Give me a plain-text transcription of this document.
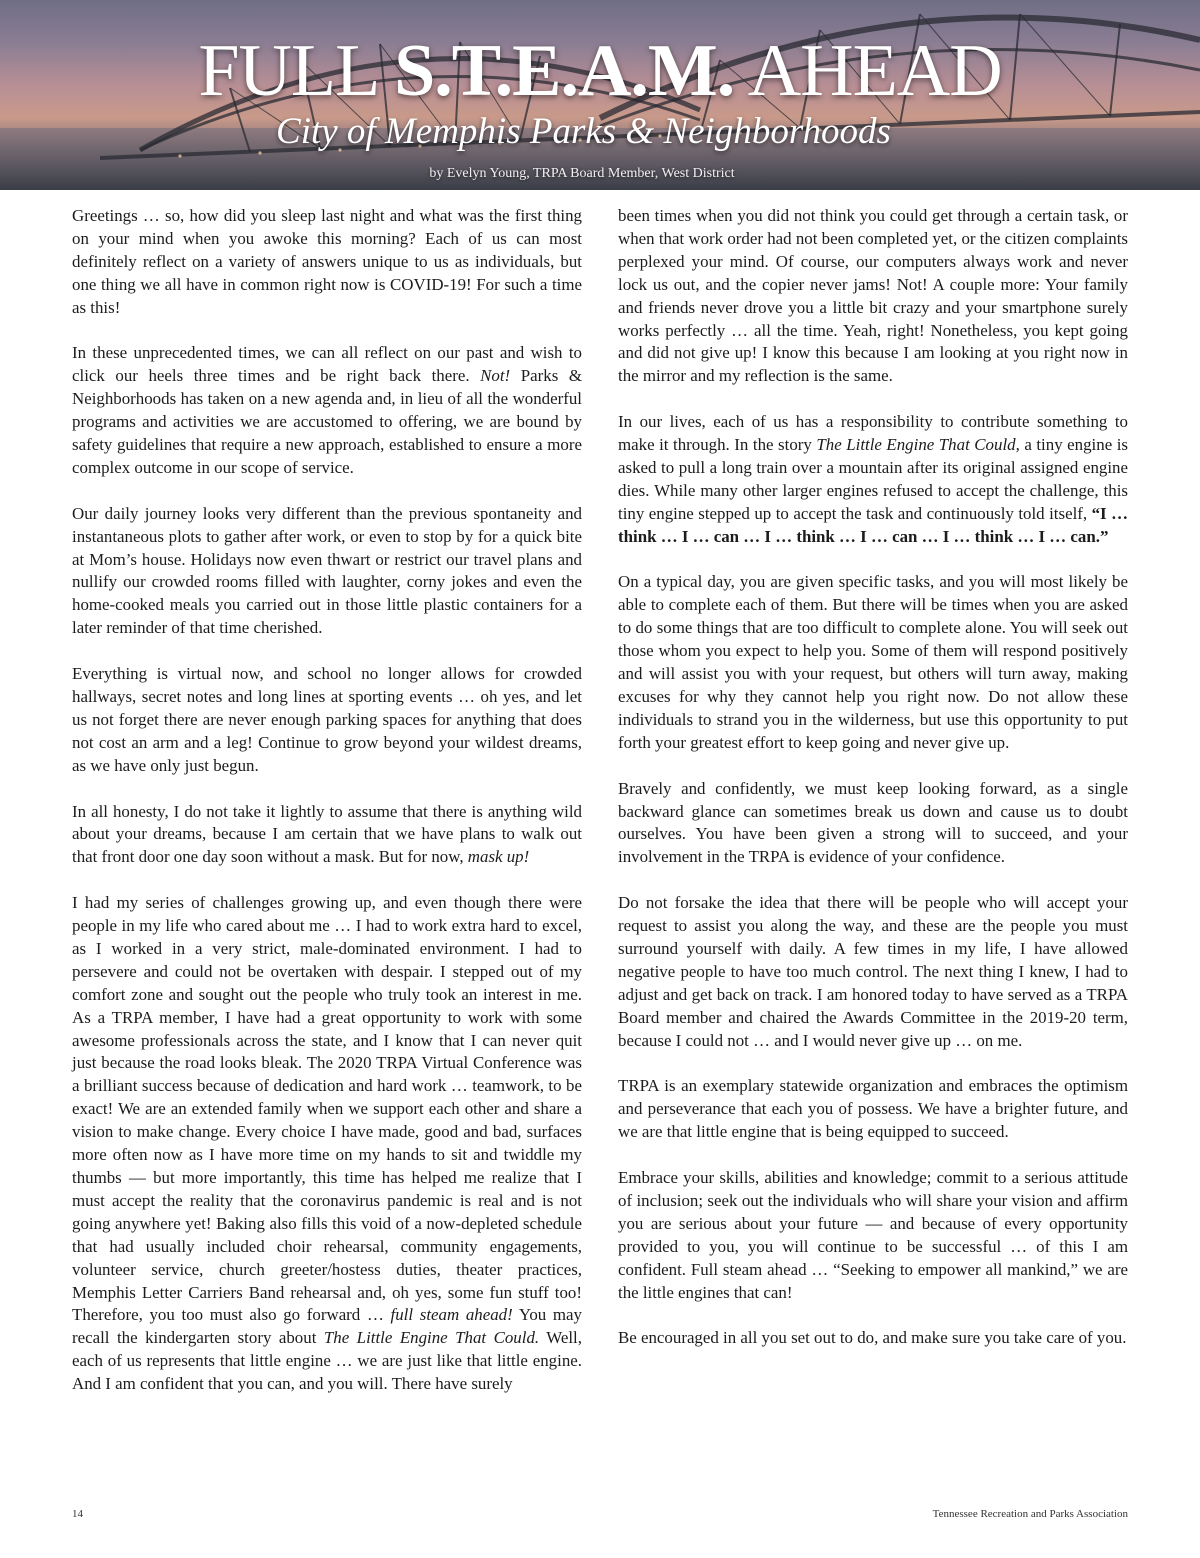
FULL S.T.E.A.M. AHEAD
City of Memphis Parks & Neighborhoods
by Evelyn Young, TRPA Board Member, West District

Greetings … so, how did you sleep last night and what was the first thing on your mind when you awoke this morning? Each of us can most definitely reflect on a variety of answers unique to us as individuals, but one thing we all have in common right now is COVID-19! For such a time as this!

In these unprecedented times, we can all reflect on our past and wish to click our heels three times and be right back there. Not! Parks & Neighborhoods has taken on a new agenda and, in lieu of all the wonderful programs and activities we are accustomed to offering, we are bound by safety guidelines that require a new approach, established to ensure a more complex outcome in our scope of service.

Our daily journey looks very different than the previous spontaneity and instantaneous plots to gather after work, or even to stop by for a quick bite at Mom’s house. Holidays now even thwart or restrict our travel plans and nullify our crowded rooms filled with laughter, corny jokes and even the home-cooked meals you carried out in those little plastic containers for a later reminder of that time cherished.

Everything is virtual now, and school no longer allows for crowded hallways, secret notes and long lines at sporting events … oh yes, and let us not forget there are never enough parking spaces for anything that does not cost an arm and a leg! Continue to grow beyond your wildest dreams, as we have only just begun.

In all honesty, I do not take it lightly to assume that there is anything wild about your dreams, because I am certain that we have plans to walk out that front door one day soon without a mask. But for now, mask up!

I had my series of challenges growing up, and even though there were people in my life who cared about me … I had to work extra hard to excel, as I worked in a very strict, male-dominated environment. I had to persevere and could not be overtaken with despair. I stepped out of my comfort zone and sought out the people who truly took an interest in me. As a TRPA member, I have had a great opportunity to work with some awesome professionals across the state, and I know that I can never quit just because the road looks bleak. The 2020 TRPA Virtual Conference was a brilliant success because of dedication and hard work … teamwork, to be exact! We are an extended family when we support each other and share a vision to make change. Every choice I have made, good and bad, surfaces more often now as I have more time on my hands to sit and twiddle my thumbs — but more importantly, this time has helped me realize that I must accept the reality that the coronavirus pandemic is real and is not going anywhere yet! Baking also fills this void of a now-depleted schedule that had usually included choir rehearsal, community engagements, volunteer service, church greeter/hostess duties, theater practices, Memphis Letter Carriers Band rehearsal and, oh yes, some fun stuff too! Therefore, you too must also go forward … full steam ahead! You may recall the kindergarten story about The Little Engine That Could. Well, each of us represents that little engine … we are just like that little engine. And I am confident that you can, and you will. There have surely

been times when you did not think you could get through a certain task, or when that work order had not been completed yet, or the citizen complaints perplexed your mind. Of course, our computers always work and never lock us out, and the copier never jams! Not! A couple more: Your family and friends never drove you a little bit crazy and your smartphone surely works perfectly … all the time. Yeah, right! Nonetheless, you kept going and did not give up! I know this because I am looking at you right now in the mirror and my reflection is the same.

In our lives, each of us has a responsibility to contribute something to make it through. In the story The Little Engine That Could, a tiny engine is asked to pull a long train over a mountain after its original assigned engine dies. While many other larger engines refused to accept the challenge, this tiny engine stepped up to accept the task and continuously told itself, “I … think … I … can … I … think … I … can … I … think … I … can.”

On a typical day, you are given specific tasks, and you will most likely be able to complete each of them. But there will be times when you are asked to do some things that are too difficult to complete alone. You will seek out those whom you expect to help you. Some of them will respond positively and will assist you with your request, but others will turn away, making excuses for why they cannot help you right now. Do not allow these individuals to strand you in the wilderness, but use this opportunity to put forth your greatest effort to keep going and never give up.

Bravely and confidently, we must keep looking forward, as a single backward glance can sometimes break us down and cause us to doubt ourselves. You have been given a strong will to succeed, and your involvement in the TRPA is evidence of your confidence.

Do not forsake the idea that there will be people who will accept your request to assist you along the way, and these are the people you must surround yourself with daily. A few times in my life, I have allowed negative people to have too much control. The next thing I knew, I had to adjust and get back on track. I am honored today to have served as a TRPA Board member and chaired the Awards Committee in the 2019-20 term, because I could not … and I would never give up … on me.

TRPA is an exemplary statewide organization and embraces the optimism and perseverance that each you of possess. We have a brighter future, and we are that little engine that is being equipped to succeed.

Embrace your skills, abilities and knowledge; commit to a serious attitude of inclusion; seek out the individuals who will share your vision and affirm you are serious about your future — and because of every opportunity provided to you, you will continue to be successful … of this I am confident. Full steam ahead … “Seeking to empower all mankind,” we are the little engines that can!

Be encouraged in all you set out to do, and make sure you take care of you.

14	Tennessee Recreation and Parks Association
